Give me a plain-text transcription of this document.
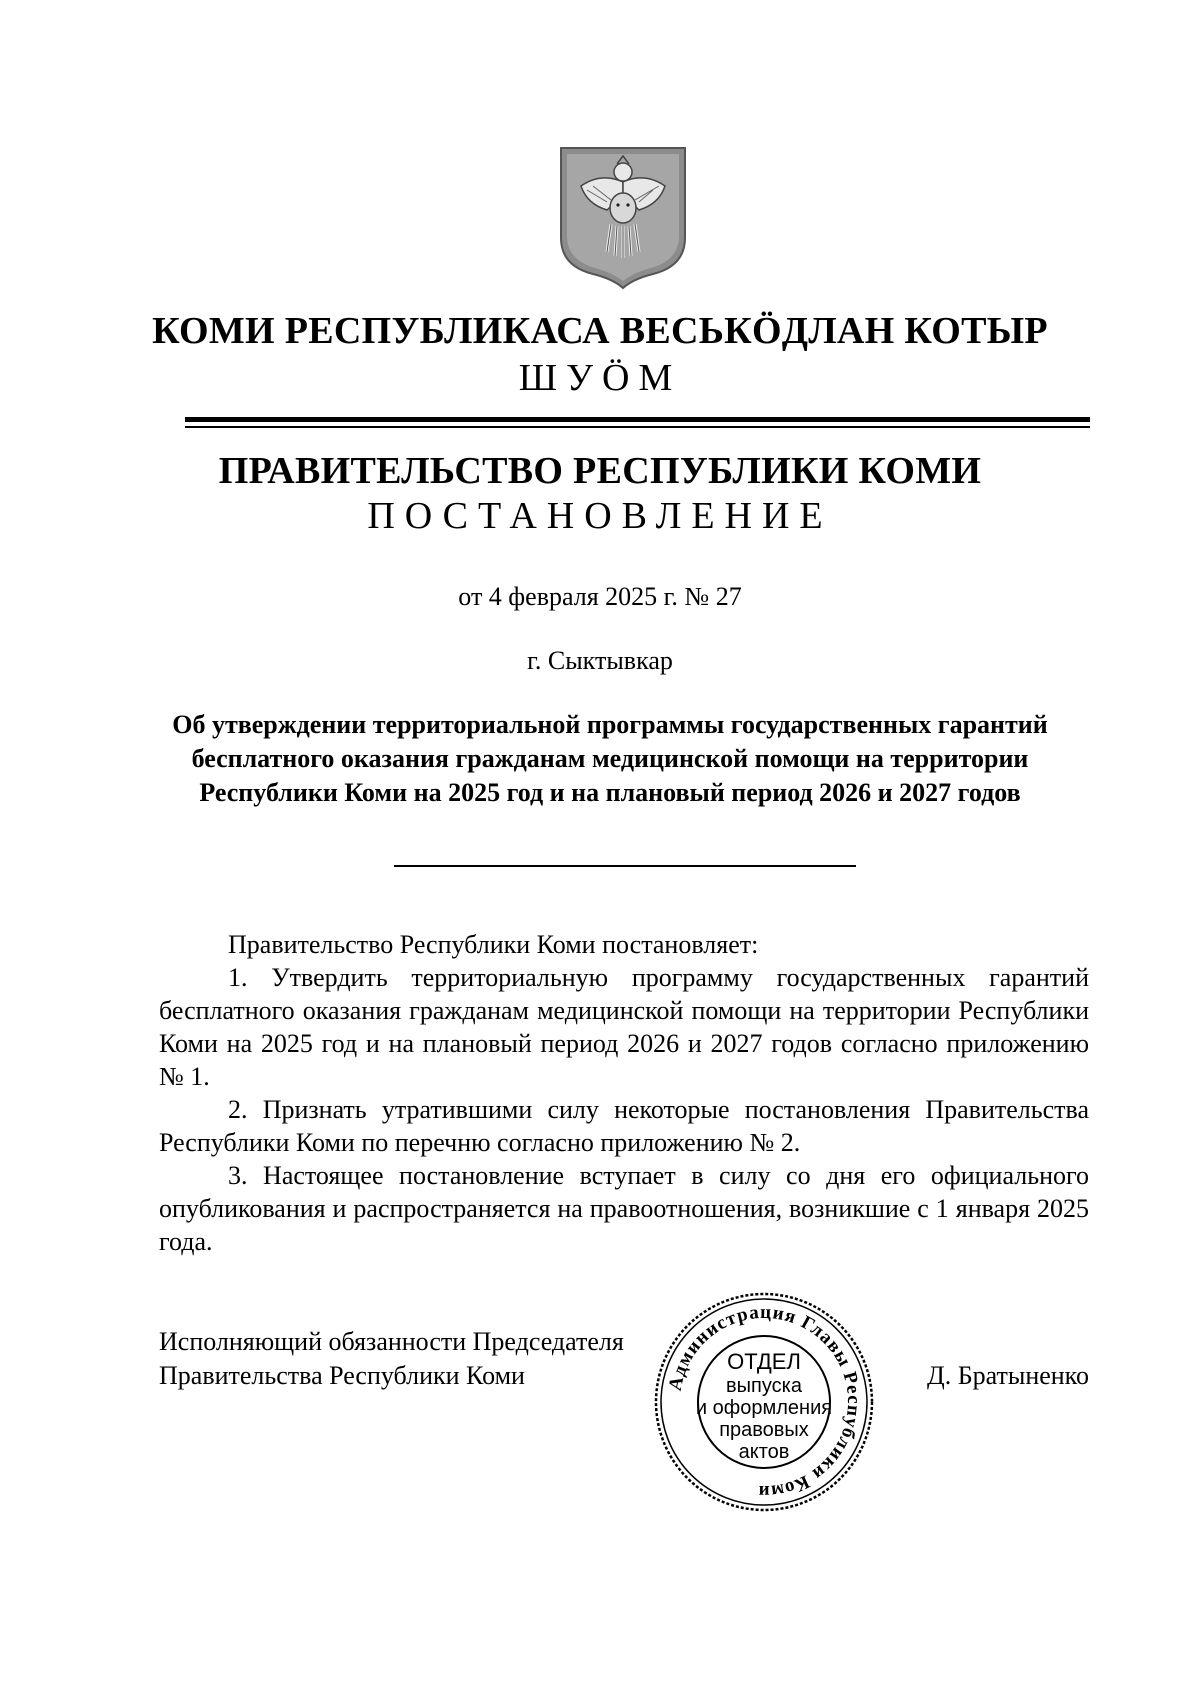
КОМИ РЕСПУБЛИКАСА ВЕСЬКӦДЛАН КОТЫР
ШУӦМ
ПРАВИТЕЛЬСТВО РЕСПУБЛИКИ КОМИ
ПОСТАНОВЛЕНИЕ
от 4 февраля 2025 г. № 27
г. Сыктывкар
Об утверждении территориальной программы государственных гарантий бесплатного оказания гражданам медицинской помощи на территории Республики Коми на 2025 год и на плановый период 2026 и 2027 годов

Правительство Республики Коми постановляет:

1. Утвердить территориальную программу государственных гарантий бесплатного оказания гражданам медицинской помощи на территории Республики Коми на 2025 год и на плановый период 2026 и 2027 годов согласно приложению № 1.

2. Признать утратившими силу некоторые постановления Правительства Республики Коми по перечню согласно приложению № 2.

3. Настоящее постановление вступает в силу со дня его официального опубликования и распространяется на правоотношения, возникшие с 1 января 2025 года.

Исполняющий обязанности Председателя
Правительства Республики Коми	Д. Братыненко
Администрация Главы Республики Коми
ОТДЕЛ
выпуска
и оформления
правовых
актов
